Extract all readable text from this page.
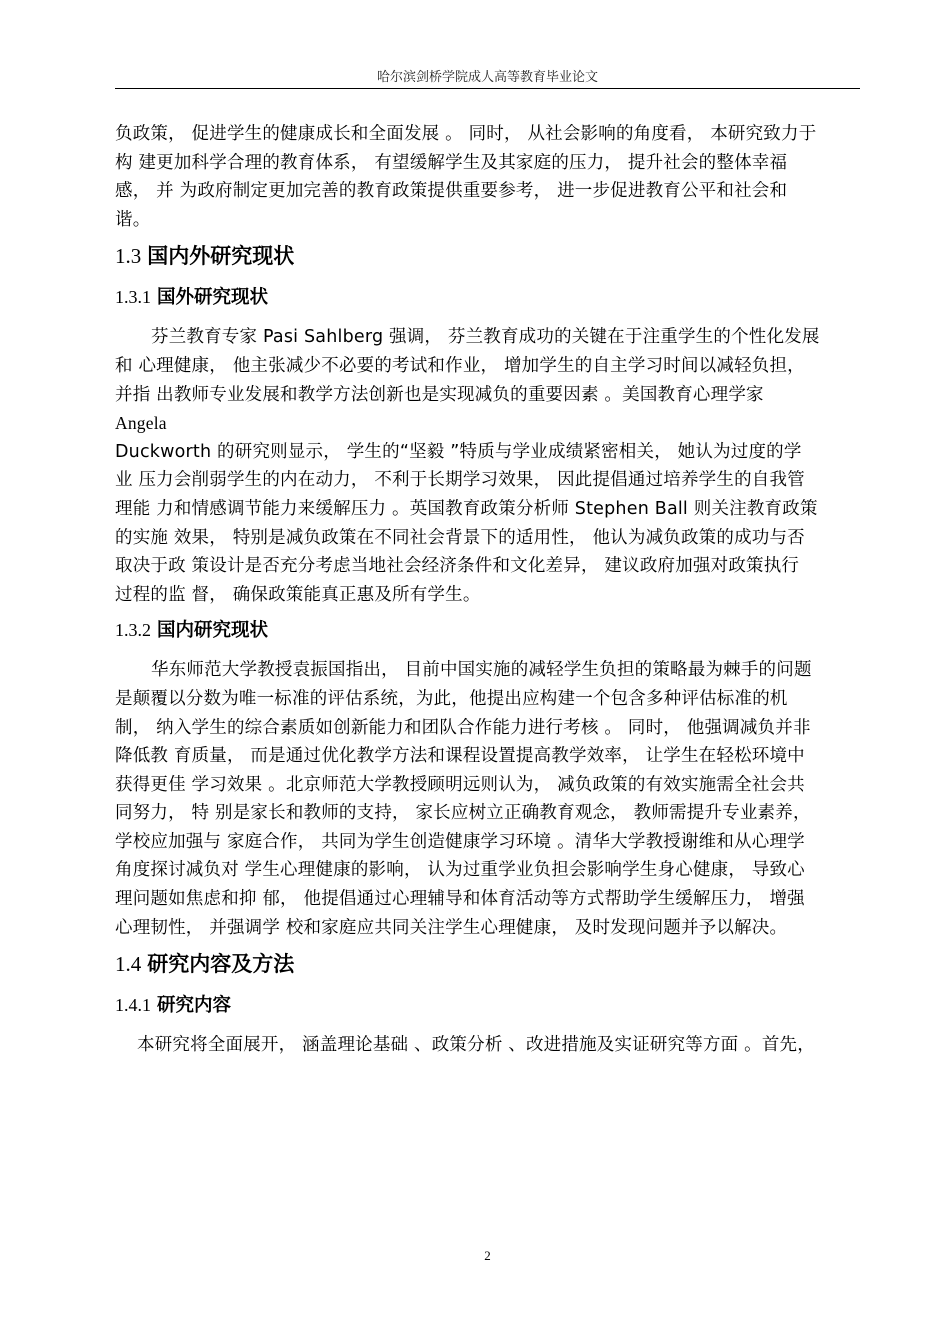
哈尔滨剑桥学院成人高等教育毕业论文

负政策， 促进学生的健康成长和全面发展 。 同时， 从社会影响的角度看， 本研究致力于
构 建更加科学合理的教育体系， 有望缓解学生及其家庭的压力， 提升社会的整体幸福
感， 并 为政府制定更加完善的教育政策提供重要参考， 进一步促进教育公平和社会和
谐。

1.3 国内外研究现状
1.3.1 国外研究现状

芬兰教育专家 Pasi Sahlberg 强调， 芬兰教育成功的关键在于注重学生的个性化发展
和 心理健康， 他主张减少不必要的考试和作业， 增加学生的自主学习时间以减轻负担，
并指 出教师专业发展和教学方法创新也是实现减负的重要因素 。美国教育心理学家
Angela
Duckworth 的研究则显示， 学生的“坚毅 ”特质与学业成绩紧密相关， 她认为过度的学
业 压力会削弱学生的内在动力， 不利于长期学习效果， 因此提倡通过培养学生的自我管
理能 力和情感调节能力来缓解压力 。英国教育政策分析师 Stephen Ball 则关注教育政策
的实施 效果， 特别是减负政策在不同社会背景下的适用性， 他认为减负政策的成功与否
取决于政 策设计是否充分考虑当地社会经济条件和文化差异， 建议政府加强对政策执行
过程的监 督， 确保政策能真正惠及所有学生。

1.3.2 国内研究现状

华东师范大学教授袁振国指出， 目前中国实施的减轻学生负担的策略最为棘手的问题
是颠覆以分数为唯一标准的评估系统，为此，他提出应构建一个包含多种评估标准的机
制， 纳入学生的综合素质如创新能力和团队合作能力进行考核 。 同时， 他强调减负并非
降低教 育质量， 而是通过优化教学方法和课程设置提高教学效率， 让学生在轻松环境中
获得更佳 学习效果 。北京师范大学教授顾明远则认为， 减负政策的有效实施需全社会共
同努力， 特 别是家长和教师的支持， 家长应树立正确教育观念， 教师需提升专业素养，
学校应加强与 家庭合作， 共同为学生创造健康学习环境 。清华大学教授谢维和从心理学
角度探讨减负对 学生心理健康的影响， 认为过重学业负担会影响学生身心健康， 导致心
理问题如焦虑和抑 郁， 他提倡通过心理辅导和体育活动等方式帮助学生缓解压力， 增强
心理韧性， 并强调学 校和家庭应共同关注学生心理健康， 及时发现问题并予以解决。

1.4 研究内容及方法
1.4.1 研究内容

本研究将全面展开， 涵盖理论基础 、政策分析 、改进措施及实证研究等方面 。首先，

2
